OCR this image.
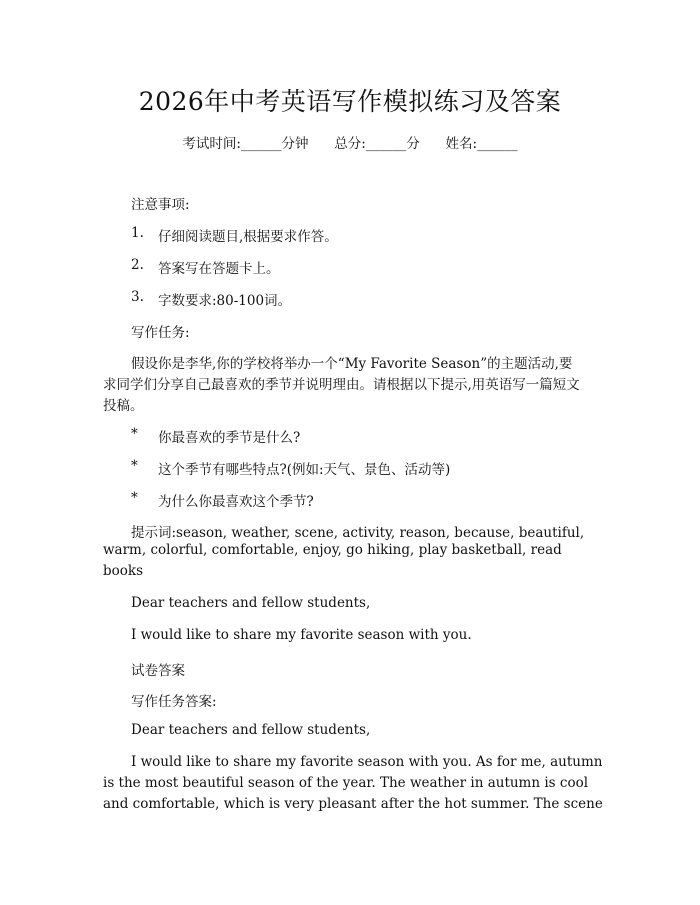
2026年中考英语写作模拟练习及答案
考试时间:______分钟 总分:______分 姓名:______
注意事项:
1. 仔细阅读题目,根据要求作答。
2. 答案写在答题卡上。
3. 字数要求:80-100词。
写作任务:
假设你是李华,你的学校将举办一个“My Favorite Season”的主题活动,要
求同学们分享自己最喜欢的季节并说明理由。请根据以下提示,用英语写一篇短文
投稿。
* 你最喜欢的季节是什么?
* 这个季节有哪些特点?(例如:天气、景色、活动等)
* 为什么你最喜欢这个季节?
提示词:season, weather, scene, activity, reason, because, beautiful,
warm, colorful, comfortable, enjoy, go hiking, play basketball, read
books
Dear teachers and fellow students,
I would like to share my favorite season with you.
试卷答案
写作任务答案:
Dear teachers and fellow students,
I would like to share my favorite season with you. As for me, autumn
is the most beautiful season of the year. The weather in autumn is cool
and comfortable, which is very pleasant after the hot summer. The scene
